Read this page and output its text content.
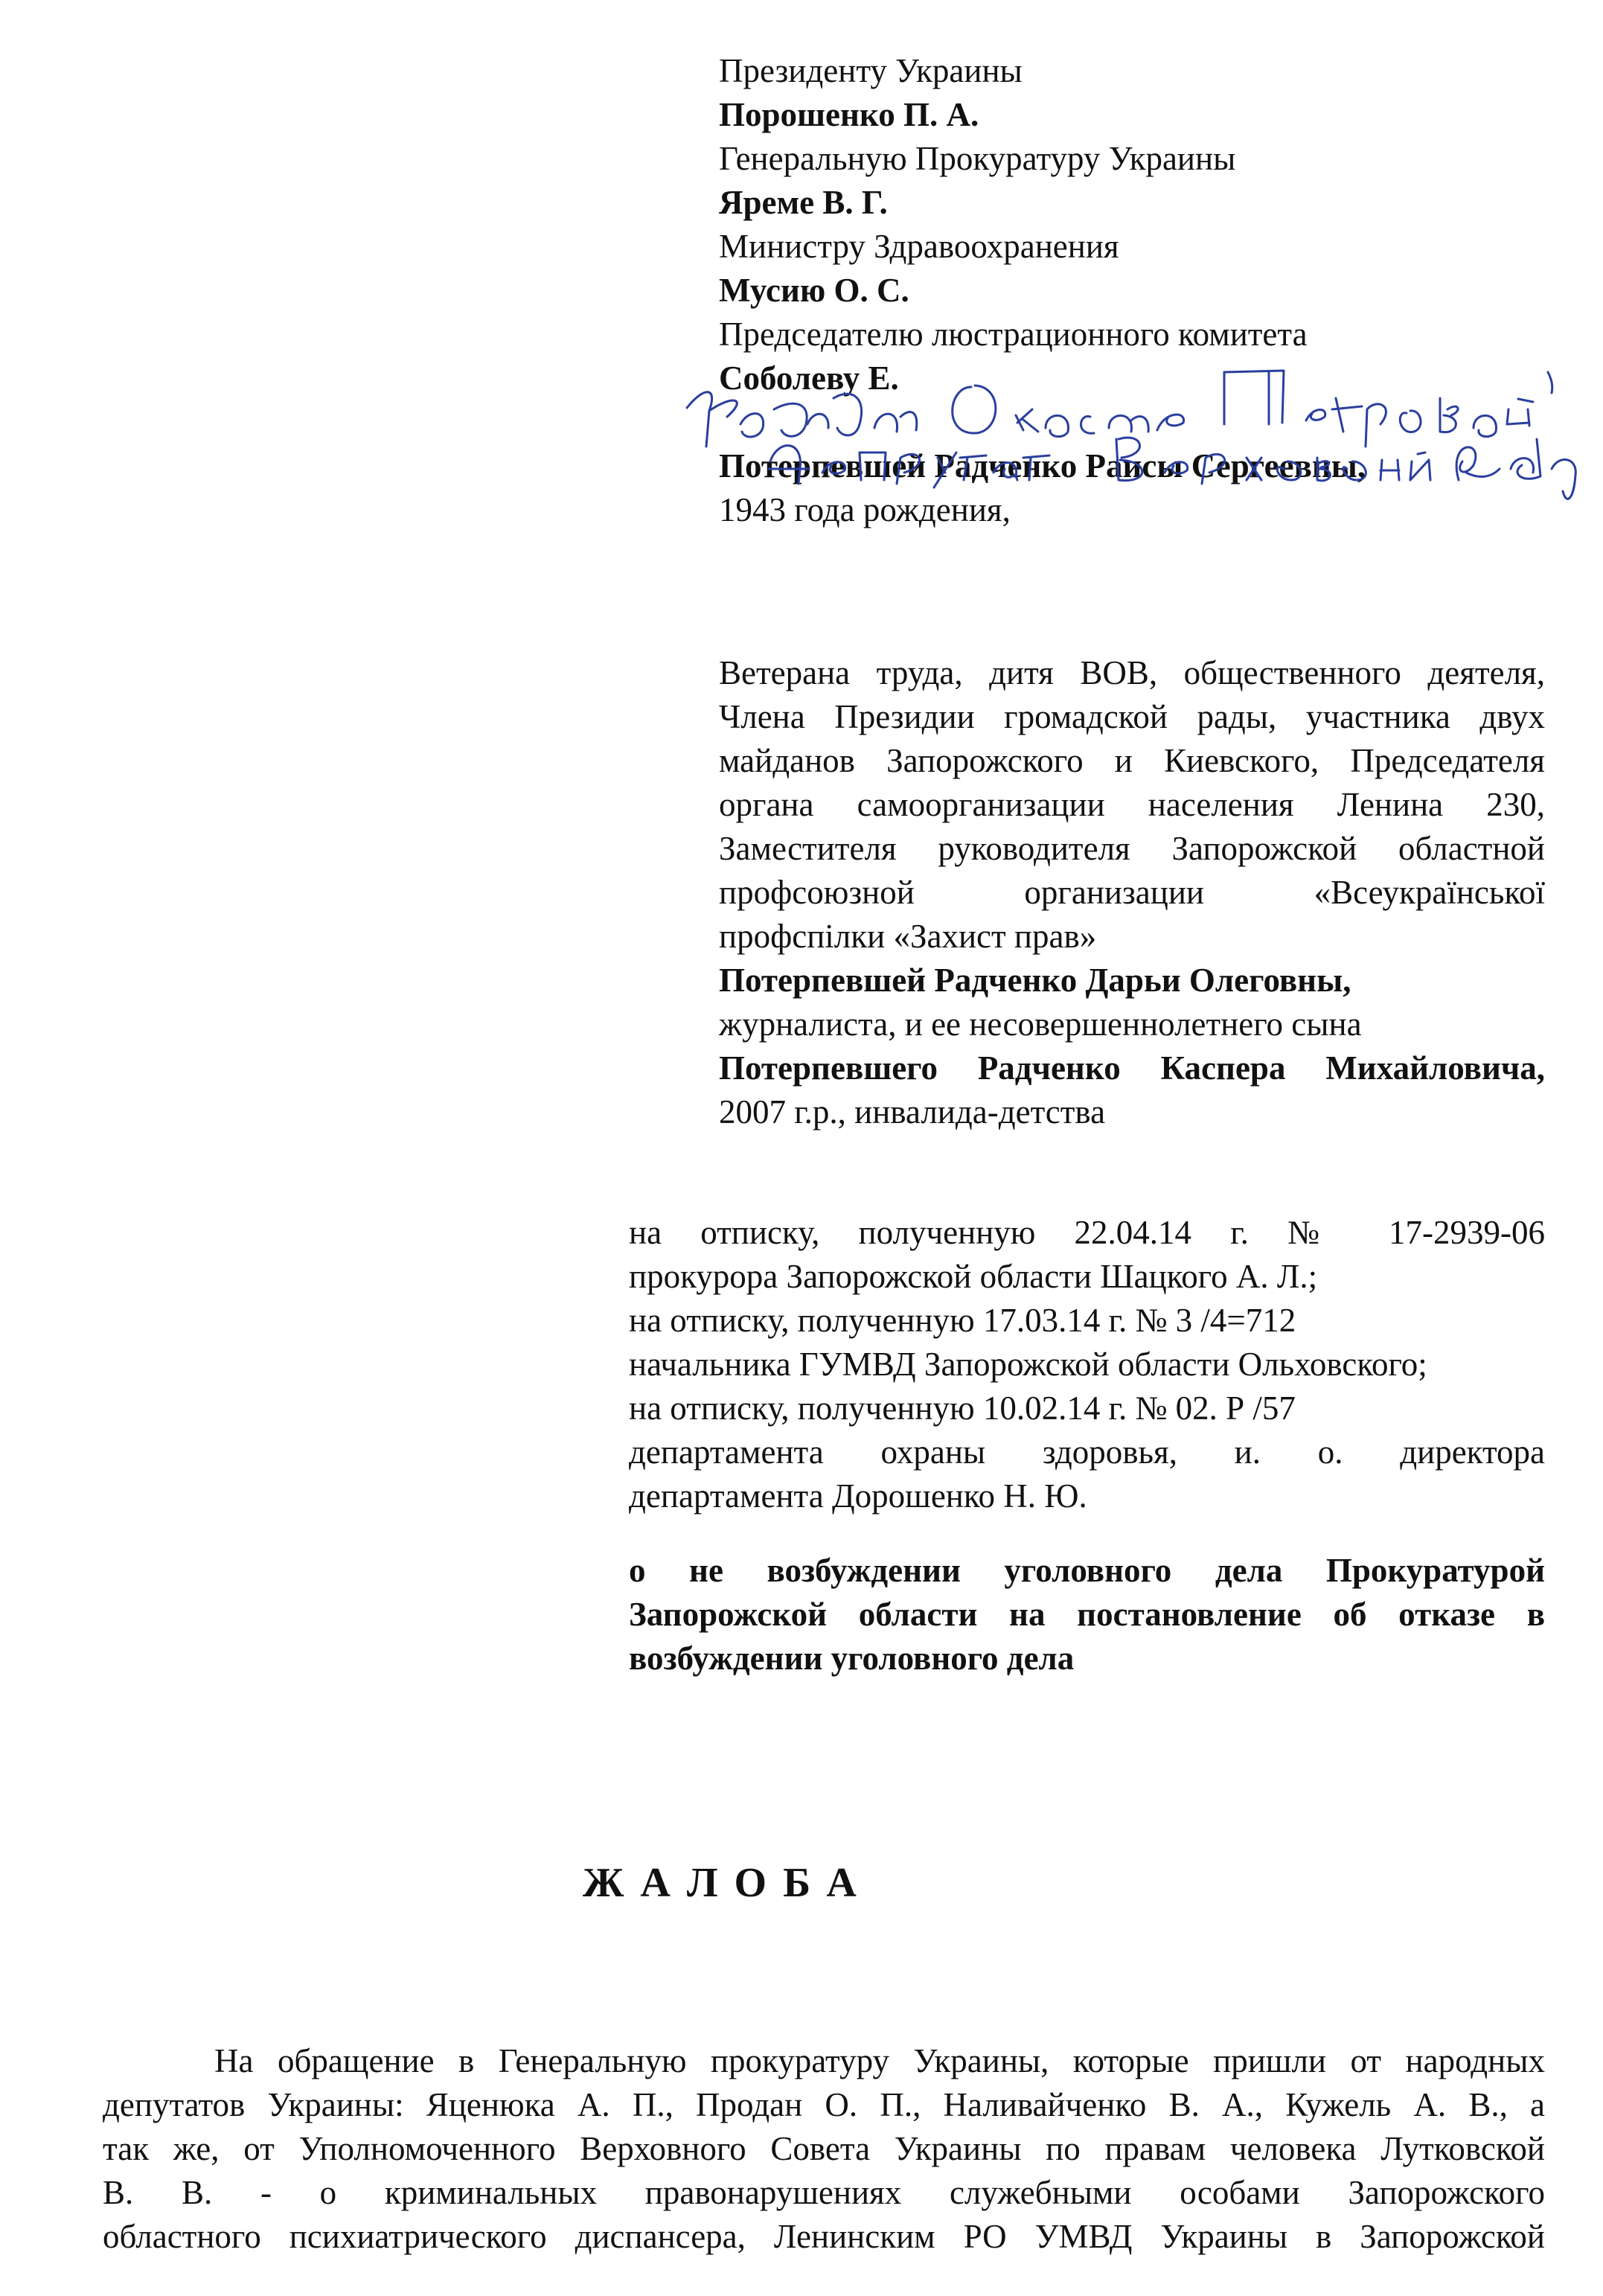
Президенту Украины
Порошенко П. А.
Генеральную Прокуратуру Украины
Яреме В. Г.
Министру Здравоохранения
Мусию О. С.
Председателю люстрационного комитета
Соболеву Е.
Потерпевшей Радченко Раисы Сергеевны,
1943 года рождения,
Ветерана труда, дитя ВОВ, общественного деятеля,
Члена Президии громадской рады, участника двух
майданов Запорожского и Киевского, Председателя
органа самоорганизации населения Ленина 230,
Заместителя руководителя Запорожской областной
профсоюзной организации «Всеукраїнської
профспілки «Захист прав»
Потерпевшей Радченко Дарьи Олеговны,
журналиста, и ее несовершеннолетнего сына
Потерпевшего Радченко Каспера Михайловича,
2007 г.р., инвалида-детства
на отписку, полученную 22.04.14 г. № 17-2939-06
прокурора Запорожской области Шацкого А. Л.;
на отписку, полученную 17.03.14 г. № 3 /4=712
начальника ГУМВД Запорожской области Ольховского;
на отписку, полученную 10.02.14 г. № 02. Р /57
департамента охраны здоровья, и. о. директора
департамента Дорошенко Н. Ю.
о не возбуждении уголовного дела Прокуратурой
Запорожской области на постановление об отказе в
возбуждении уголовного дела
ЖАЛОБА
На обращение в Генеральную прокуратуру Украины, которые пришли от народных
депутатов Украины: Яценюка А. П., Продан О. П., Наливайченко В. А., Кужель А. В., а
так же, от Уполномоченного Верховного Совета Украины по правам человека Лутковской
В. В. - о криминальных правонарушениях служебными особами Запорожского
областного психиатрического диспансера, Ленинским РО УМВД Украины в Запорожской
